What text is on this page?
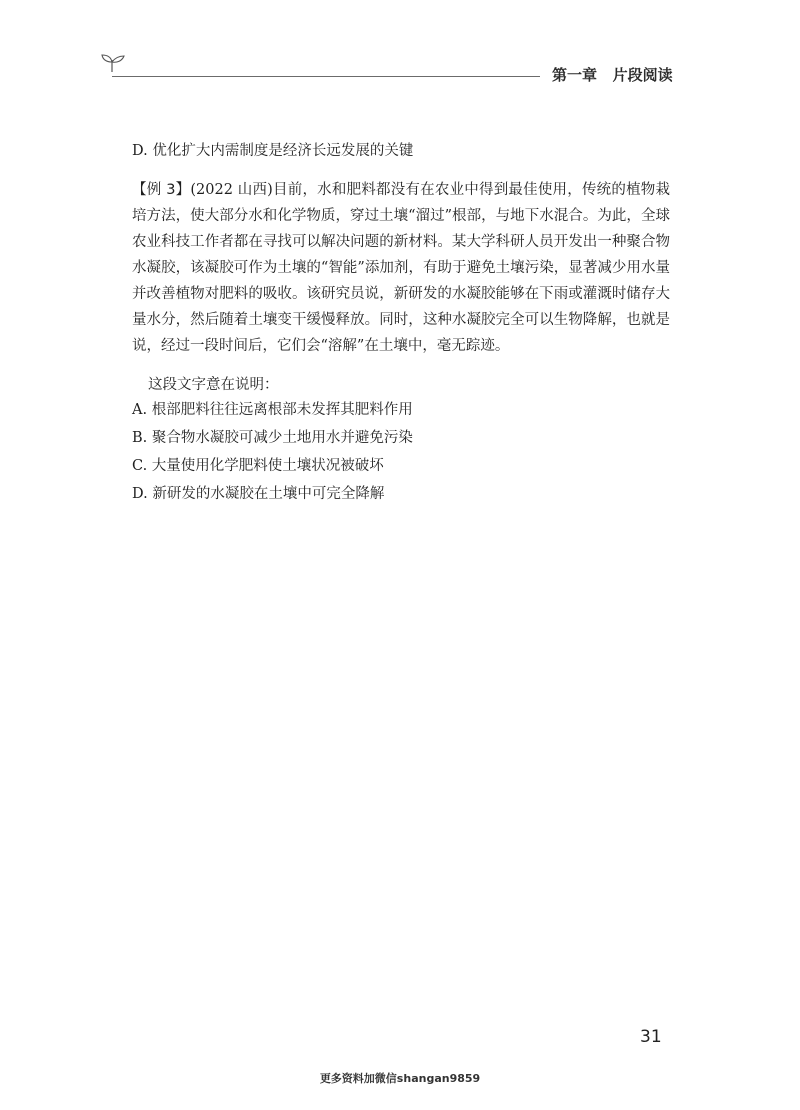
第一章   片段阅读

D. 优化扩大内需制度是经济长远发展的关键

【例 3】(2022 山西)目前，水和肥料都没有在农业中得到最佳使用，传统的植物栽培方法，使大部分水和化学物质，穿过土壤“溜过”根部，与地下水混合。为此，全球农业科技工作者都在寻找可以解决问题的新材料。某大学科研人员开发出一种聚合物水凝胶，该凝胶可作为土壤的“智能”添加剂，有助于避免土壤污染，显著减少用水量并改善植物对肥料的吸收。该研究员说，新研发的水凝胶能够在下雨或灌溉时储存大量水分，然后随着土壤变干缓慢释放。同时，这种水凝胶完全可以生物降解，也就是说，经过一段时间后，它们会“溶解”在土壤中，毫无踪迹。

这段文字意在说明：
A. 根部肥料往往远离根部未发挥其肥料作用
B. 聚合物水凝胶可减少土地用水并避免污染
C. 大量使用化学肥料使土壤状况被破坏
D. 新研发的水凝胶在土壤中可完全降解
31
更多资料加微信shangan9859
